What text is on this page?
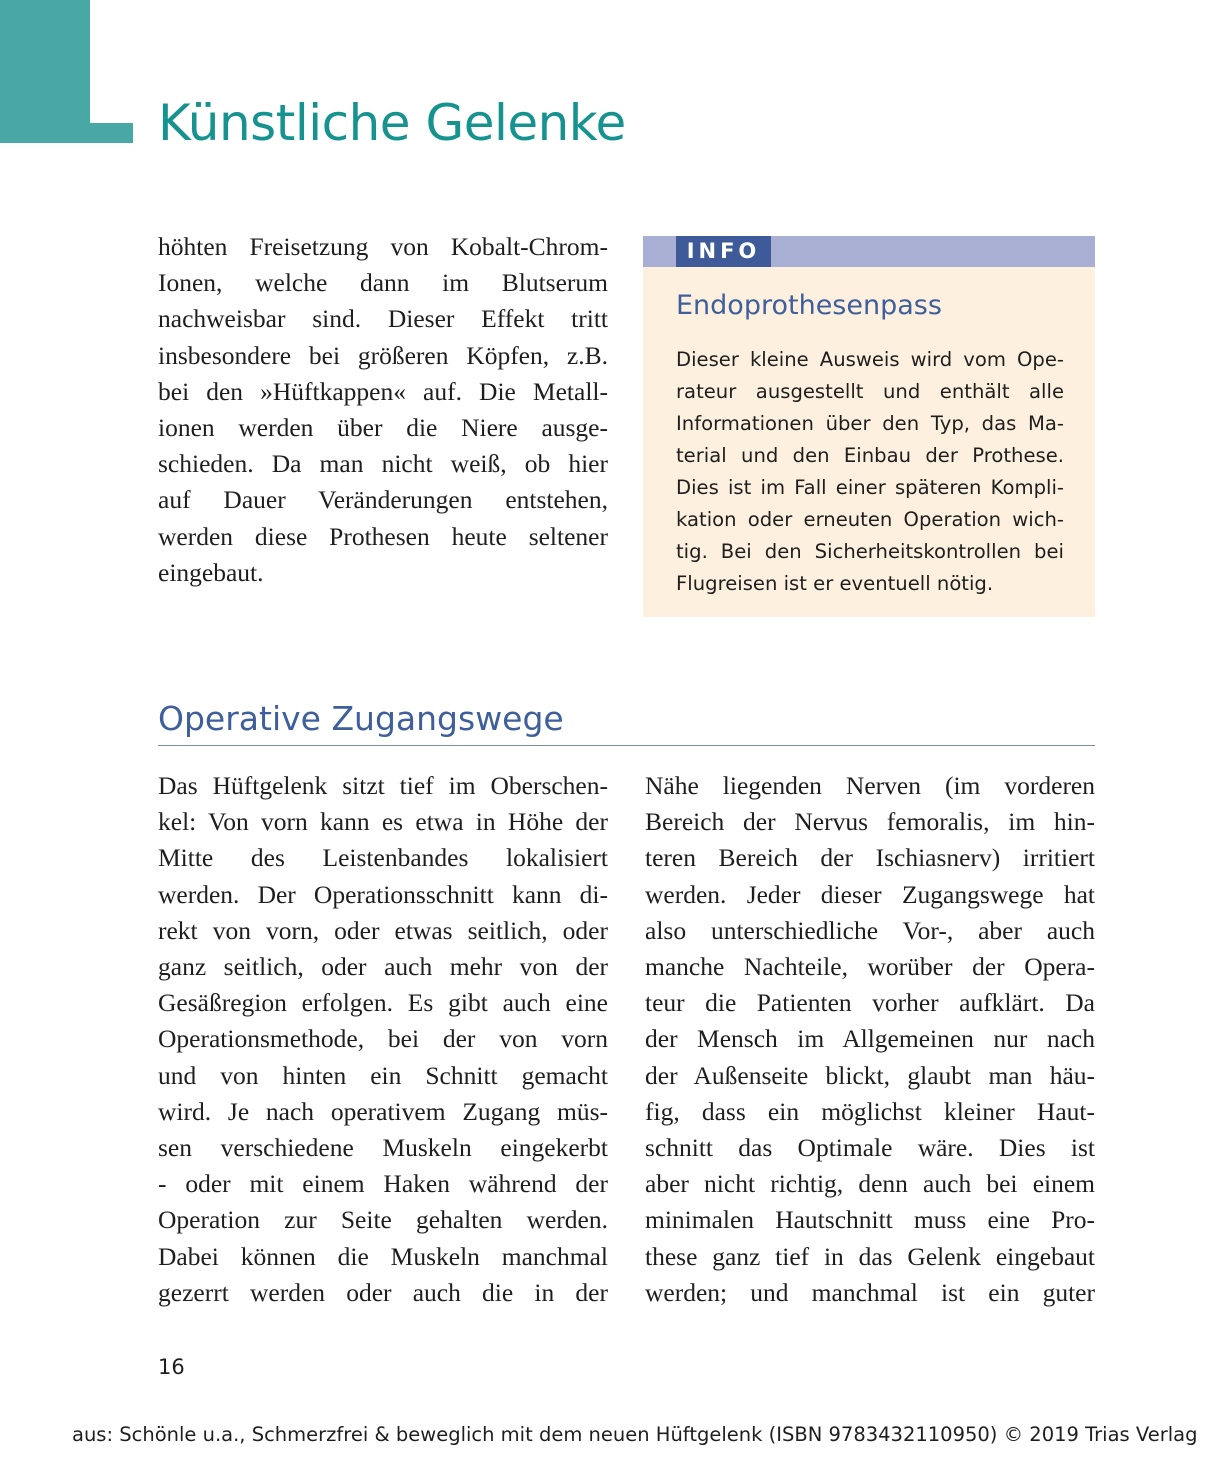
Künstliche Gelenke
höhten Freisetzung von Kobalt-Chrom-
Ionen, welche dann im Blutserum
nachweisbar sind. Dieser Effekt tritt
insbesondere bei größeren Köpfen, z.B.
bei den »Hüftkappen« auf. Die Metall-
ionen werden über die Niere ausge-
schieden. Da man nicht weiß, ob hier
auf Dauer Veränderungen entstehen,
werden diese Prothesen heute seltener
eingebaut.
INFO
Endoprothesenpass
Dieser kleine Ausweis wird vom Ope-
rateur ausgestellt und enthält alle
Informationen über den Typ, das Ma-
terial und den Einbau der Prothese.
Dies ist im Fall einer späteren Kompli-
kation oder erneuten Operation wich-
tig. Bei den Sicherheitskontrollen bei
Flugreisen ist er eventuell nötig.
Operative Zugangswege
Das Hüftgelenk sitzt tief im Oberschen-
kel: Von vorn kann es etwa in Höhe der
Mitte des Leistenbandes lokalisiert
werden. Der Operationsschnitt kann di-
rekt von vorn, oder etwas seitlich, oder
ganz seitlich, oder auch mehr von der
Gesäßregion erfolgen. Es gibt auch eine
Operationsmethode, bei der von vorn
und von hinten ein Schnitt gemacht
wird. Je nach operativem Zugang müs-
sen verschiedene Muskeln eingekerbt
- oder mit einem Haken während der
Operation zur Seite gehalten werden.
Dabei können die Muskeln manchmal
gezerrt werden oder auch die in der
Nähe liegenden Nerven (im vorderen
Bereich der Nervus femoralis, im hin-
teren Bereich der Ischiasnerv) irritiert
werden. Jeder dieser Zugangswege hat
also unterschiedliche Vor-, aber auch
manche Nachteile, worüber der Opera-
teur die Patienten vorher aufklärt. Da
der Mensch im Allgemeinen nur nach
der Außenseite blickt, glaubt man häu-
fig, dass ein möglichst kleiner Haut-
schnitt das Optimale wäre. Dies ist
aber nicht richtig, denn auch bei einem
minimalen Hautschnitt muss eine Pro-
these ganz tief in das Gelenk eingebaut
werden; und manchmal ist ein guter
16
aus: Schönle u.a., Schmerzfrei & beweglich mit dem neuen Hüftgelenk (ISBN 9783432110950) © 2019 Trias Verlag
